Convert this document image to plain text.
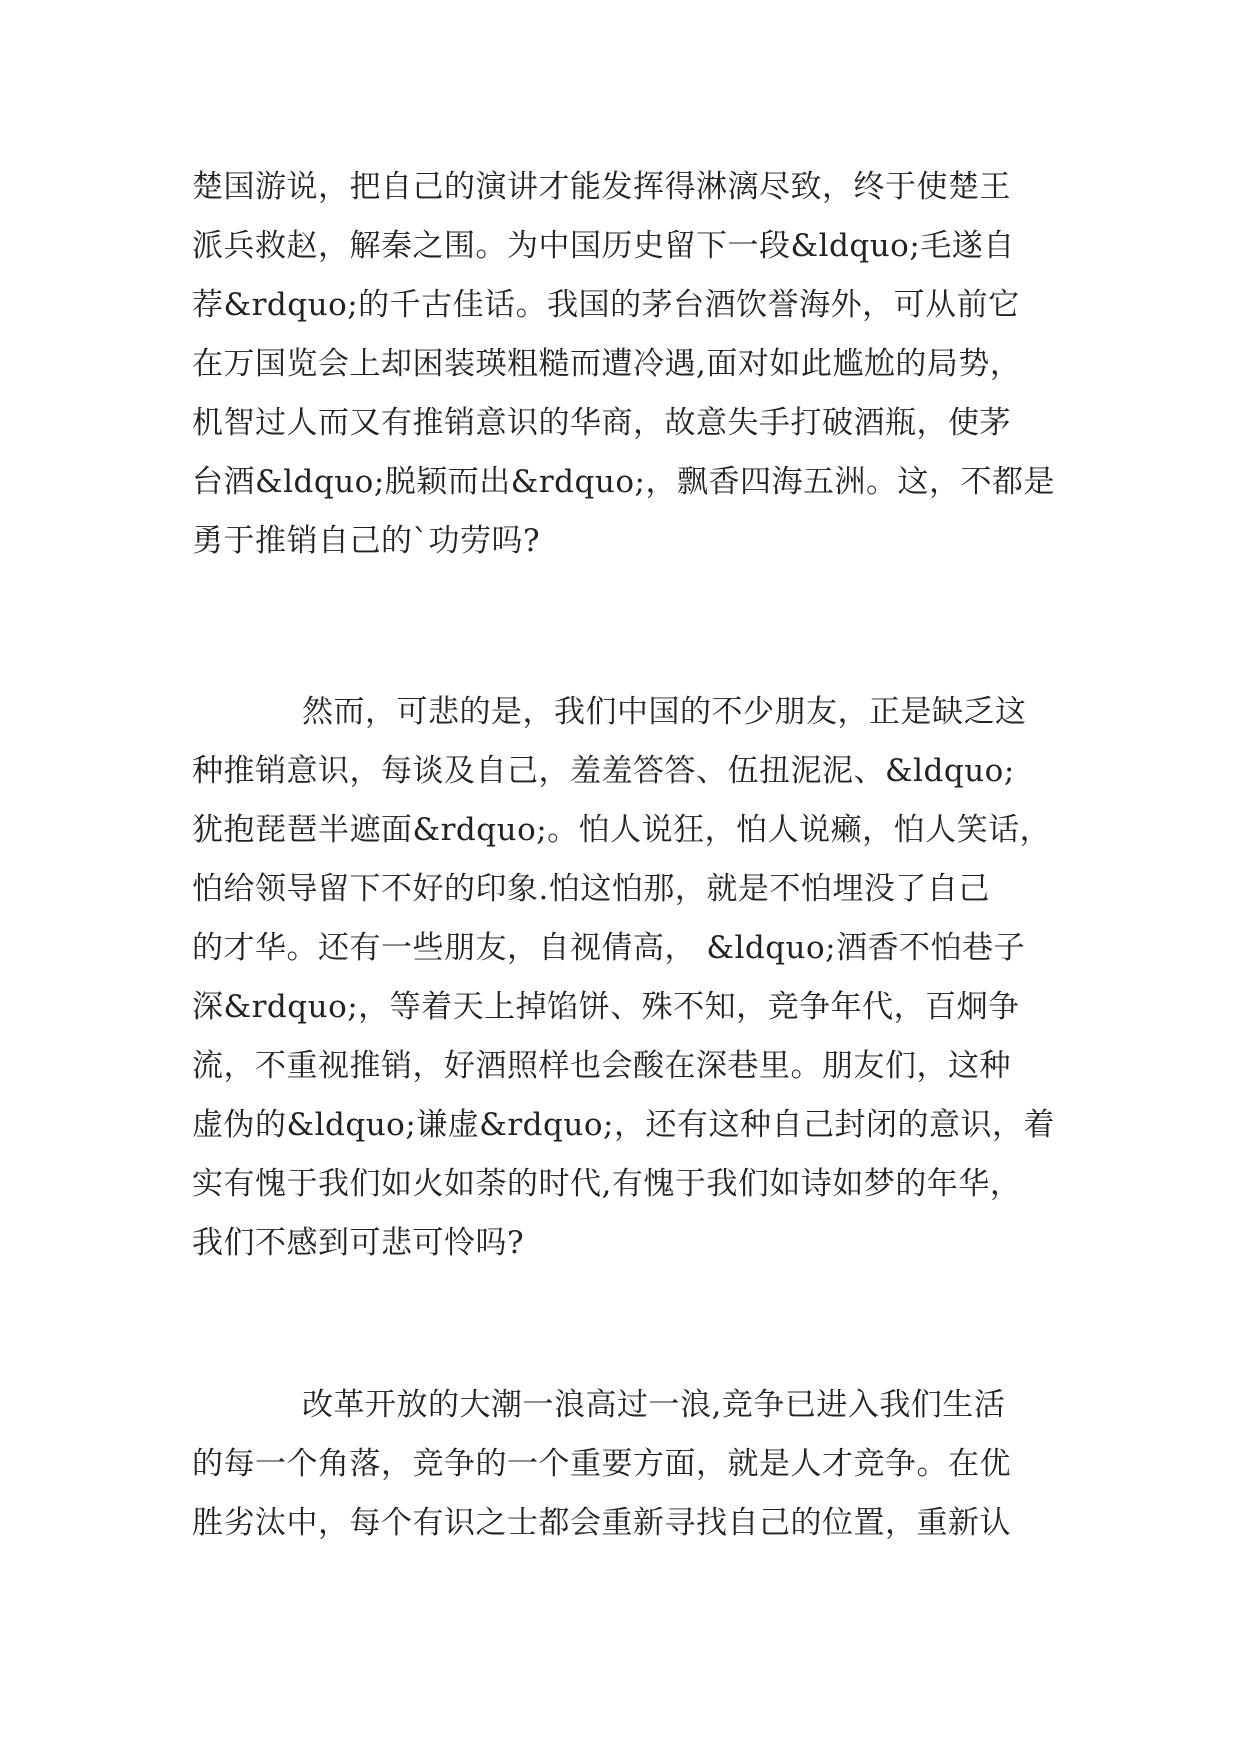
楚国游说，把自己的演讲才能发挥得淋漓尽致，终于使楚王
派兵救赵，解秦之围。为中国历史留下一段&ldquo;毛遂自
荐&rdquo;的千古佳话。我国的茅台酒饮誉海外，可从前它
在万国览会上却困装瑛粗糙而遭冷遇,面对如此尴尬的局势，
机智过人而又有推销意识的华商，故意失手打破酒瓶，使茅
台酒&ldquo;脱颖而出&rdquo;，飘香四海五洲。这，不都是
勇于推销自己的`功劳吗?
然而，可悲的是，我们中国的不少朋友，正是缺乏这
种推销意识，每谈及自己，羞羞答答、伍扭泥泥、&ldquo;
犹抱琵琶半遮面&rdquo;。怕人说狂，怕人说癞，怕人笑话，
怕给领导留下不好的印象.怕这怕那，就是不怕埋没了自己
的才华。还有一些朋友，自视倩高， &ldquo;酒香不怕巷子
深&rdquo;，等着天上掉馅饼、殊不知，竞争年代，百炯争
流，不重视推销，好酒照样也会酸在深巷里。朋友们，这种
虚伪的&ldquo;谦虚&rdquo;，还有这种自己封闭的意识，着
实有愧于我们如火如荼的时代,有愧于我们如诗如梦的年华，
我们不感到可悲可怜吗?
改革开放的大潮一浪高过一浪,竞争已进入我们生活
的每一个角落，竞争的一个重要方面，就是人才竞争。在优
胜劣汰中，每个有识之士都会重新寻找自己的位置，重新认
